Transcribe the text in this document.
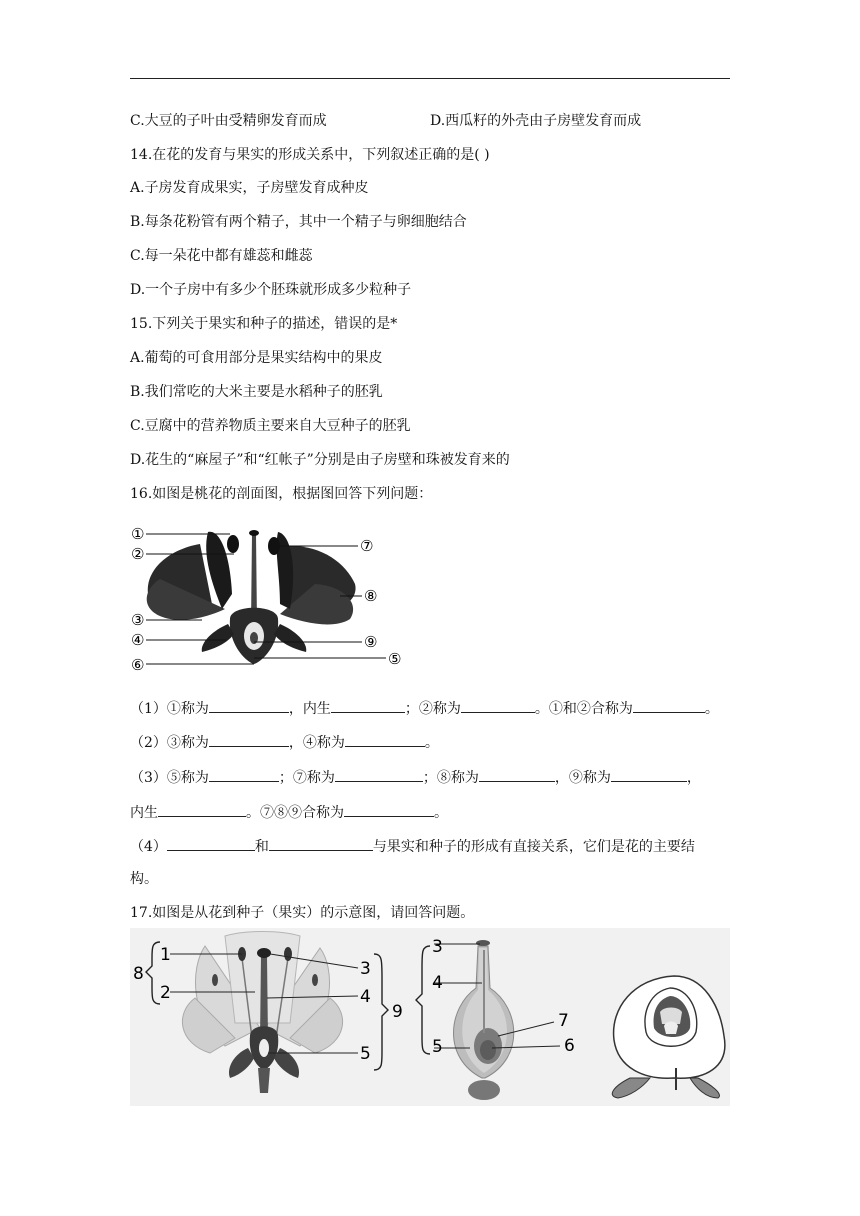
C.大豆的子叶由受精卵发育而成	D.西瓜籽的外壳由子房壁发育而成
14.在花的发育与果实的形成关系中，下列叙述正确的是( )
A.子房发育成果实，子房壁发育成种皮
B.每条花粉管有两个精子，其中一个精子与卵细胞结合
C.每一朵花中都有雄蕊和雌蕊
D.一个子房中有多少个胚珠就形成多少粒种子
15.下列关于果实和种子的描述，错误的是*
A.葡萄的可食用部分是果实结构中的果皮
B.我们常吃的大米主要是水稻种子的胚乳
C.豆腐中的营养物质主要来自大豆种子的胚乳
D.花生的“麻屋子”和“红帐子”分别是由子房壁和珠被发育来的
16.如图是桃花的剖面图，根据图回答下列问题：
①
②
③
④
⑤
⑥
⑦
⑧
⑨
（1）①称为	，内生	；②称为	。①和②合称为	。
（2）③称为	，④称为	。
（3）⑤称为	；⑦称为	；⑧称为	，⑨称为	，
内生	。⑦⑧⑨合称为	。
（4）	和	与果实和种子的形成有直接关系，它们是花的主要结
构。
17.如图是从花到种子（果实）的示意图，请回答问题。
1
2
8	3
4
5
9
3
4
5
7
6
